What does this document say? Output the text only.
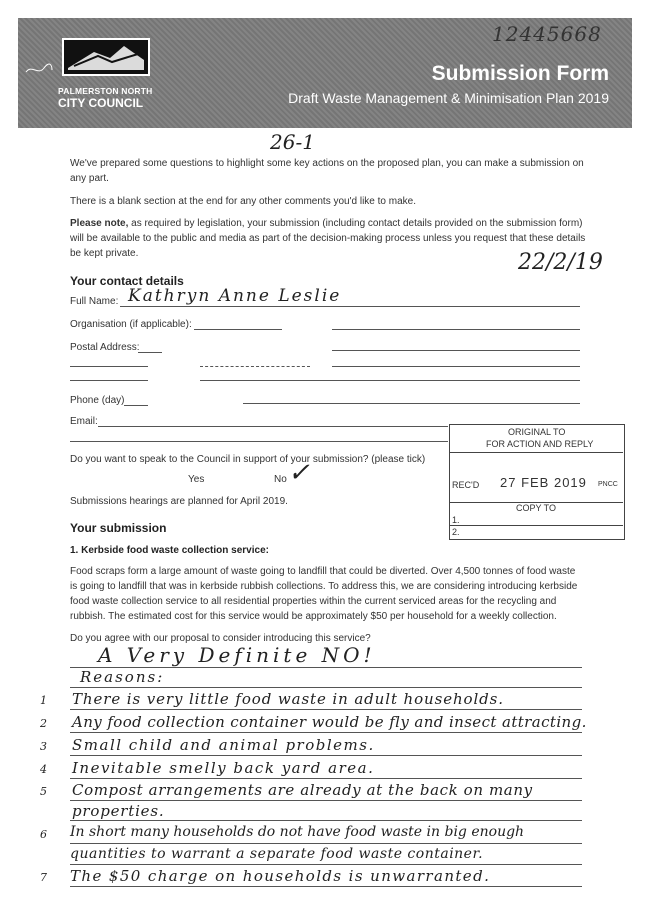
12445668
PALMERSTON NORTH
CITY COUNCIL
Submission Form
Draft Waste Management & Minimisation Plan 2019
26-1
We've prepared some questions to highlight some key actions on the proposed plan, you can make a submission on any part.
There is a blank section at the end for any other comments you'd like to make.
Please note, as required by legislation, your submission (including contact details provided on the submission form) will be available to the public and media as part of the decision-making process unless you request that these details be kept private.	22/2/19
Your contact details
Full Name: Kathryn Anne Leslie
Organisation (if applicable):
Postal Address:
Phone (day)
Email:
Do you want to speak to the Council in support of your submission? (please tick)
Yes	No ✓
Submissions hearings are planned for April 2019.
ORIGINAL TO
FOR ACTION AND REPLY
REC'D 27 FEB 2019 PNCC
COPY TO
1.
2.
Your submission
1. Kerbside food waste collection service:
Food scraps form a large amount of waste going to landfill that could be diverted. Over 4,500 tonnes of food waste is going to landfill that was in kerbside rubbish collections. To address this, we are considering introducing kerbside food waste collection service to all residential properties within the current serviced areas for the recycling and rubbish. The estimated cost for this service would be approximately $50 per household for a weekly collection.
Do you agree with our proposal to consider introducing this service?
A Very Definite NO!
Reasons:
1 There is very little food waste in adult households.
2 Any food collection container would be fly and insect attracting.
3 Small child and animal problems.
4 Inevitable smelly back yard area.
5 Compost arrangements are already at the back on many
properties.
6 In short many households do not have food waste in big enough
quantities to warrant a separate food waste container.
7 The $50 charge on households is unwarranted.
